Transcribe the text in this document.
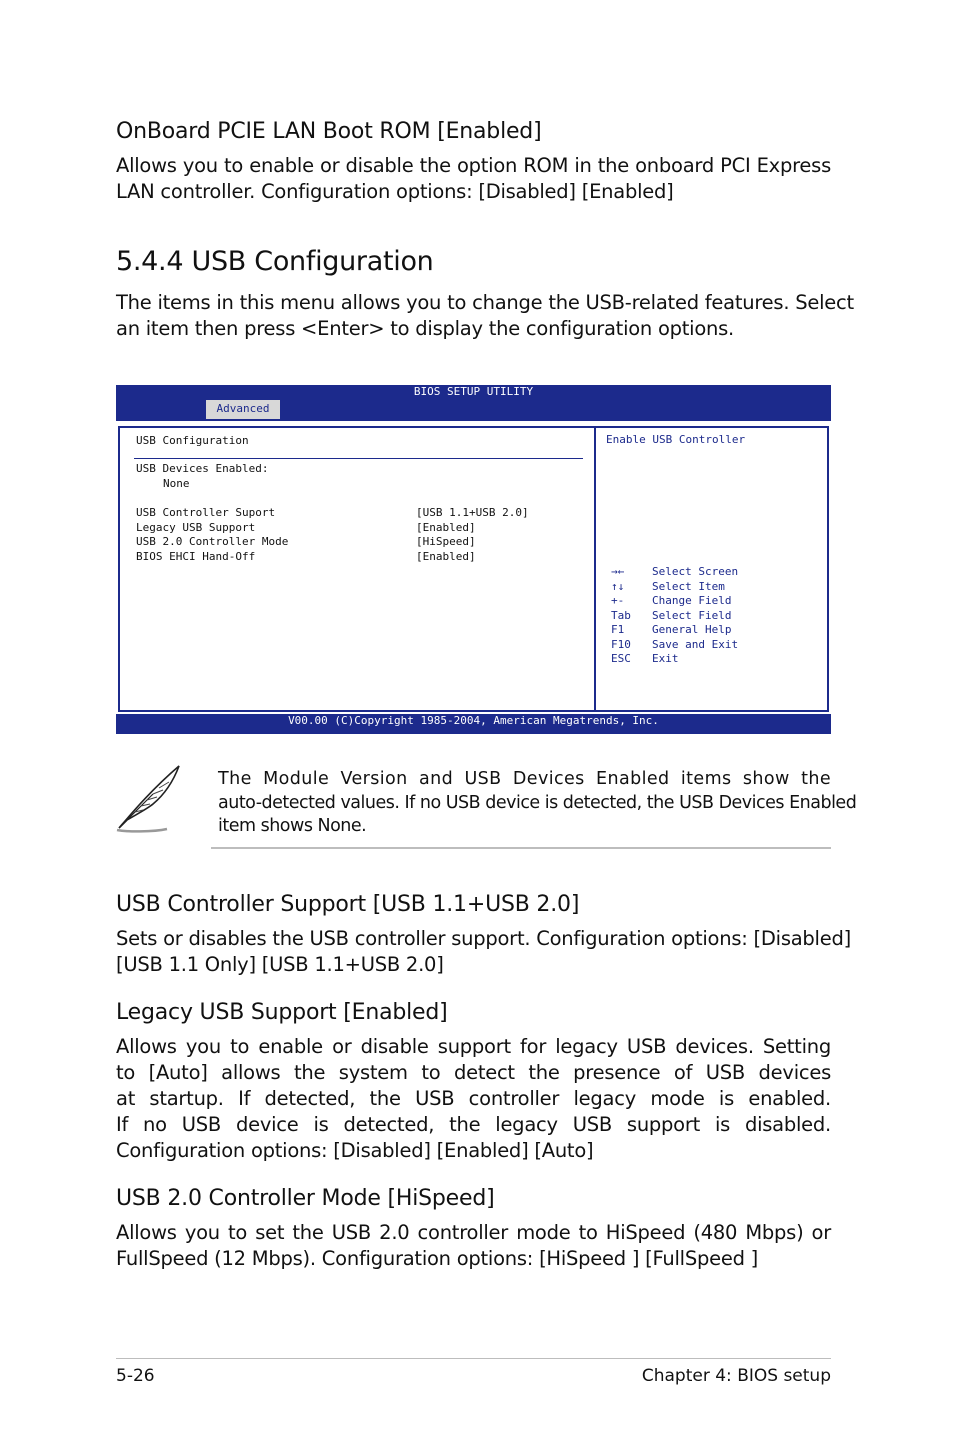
OnBoard PCIE LAN Boot ROM [Enabled]
Allows you to enable or disable the option ROM in the onboard PCI Express
LAN controller. Configuration options: [Disabled] [Enabled]
5.4.4 USB Configuration
The items in this menu allows you to change the USB-related features. Select
an item then press <Enter> to display the configuration options.
BIOS SETUP UTILITY
Advanced
USB Configuration
USB Devices Enabled:
None
USB Controller Suport	[USB 1.1+USB 2.0]
Legacy USB Support	[Enabled]
USB 2.0 Controller Mode	[HiSpeed]
BIOS EHCI Hand-Off	[Enabled]
Enable USB Controller
→←	Select Screen
↑↓	Select Item
+-	Change Field
Tab Select Field
F1	General Help
F10 Save and Exit
ESC Exit
V00.00 (C)Copyright 1985-2004, American Megatrends, Inc.
The Module Version and USB Devices Enabled items show the
auto-detected values. If no USB device is detected, the USB Devices Enabled
item shows None.
USB Controller Support [USB 1.1+USB 2.0]
Sets or disables the USB controller support. Configuration options: [Disabled]
[USB 1.1 Only] [USB 1.1+USB 2.0]
Legacy USB Support [Enabled]
Allows you to enable or disable support for legacy USB devices. Setting
to [Auto] allows the system to detect the presence of USB devices
at startup. If detected, the USB controller legacy mode is enabled.
If no USB device is detected, the legacy USB support is disabled.
Configuration options: [Disabled] [Enabled] [Auto]
USB 2.0 Controller Mode [HiSpeed]
Allows you to set the USB 2.0 controller mode to HiSpeed (480 Mbps) or
FullSpeed (12 Mbps). Configuration options: [HiSpeed ] [FullSpeed ]
5-26	Chapter 4: BIOS setup
